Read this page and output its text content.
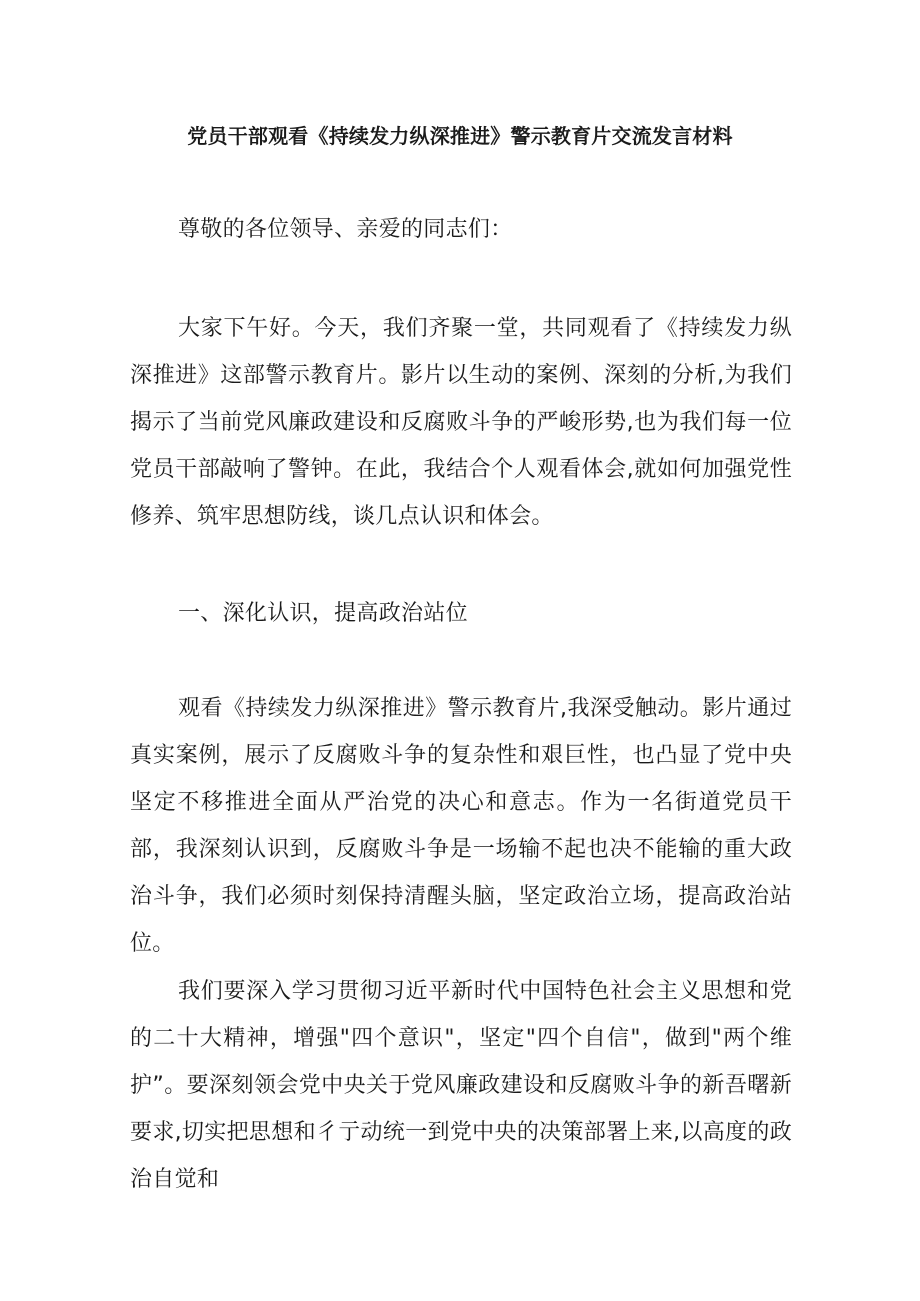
党员干部观看《持续发力纵深推进》警示教育片交流发言材料

尊敬的各位领导、亲爱的同志们：

大家下午好。今天，我们齐聚一堂，共同观看了《持续发力纵深推进》这部警示教育片。影片以生动的案例、深刻的分析,为我们揭示了当前党风廉政建设和反腐败斗争的严峻形势,也为我们每一位党员干部敲响了警钟。在此，我结合个人观看体会,就如何加强党性修养、筑牢思想防线，谈几点认识和体会。

一、深化认识，提高政治站位

观看《持续发力纵深推进》警示教育片,我深受触动。影片通过真实案例，展示了反腐败斗争的复杂性和艰巨性，也凸显了党中央坚定不移推进全面从严治党的决心和意志。作为一名街道党员干部，我深刻认识到，反腐败斗争是一场输不起也决不能输的重大政治斗争，我们必须时刻保持清醒头脑，坚定政治立场，提高政治站位。

我们要深入学习贯彻习近平新时代中国特色社会主义思想和党的二十大精神，增强"四个意识"，坚定"四个自信"，做到"两个维护”。要深刻领会党中央关于党风廉政建设和反腐败斗争的新吾曙新要求,切实把思想和彳亍动统一到党中央的决策部署上来,以高度的政治自觉和
